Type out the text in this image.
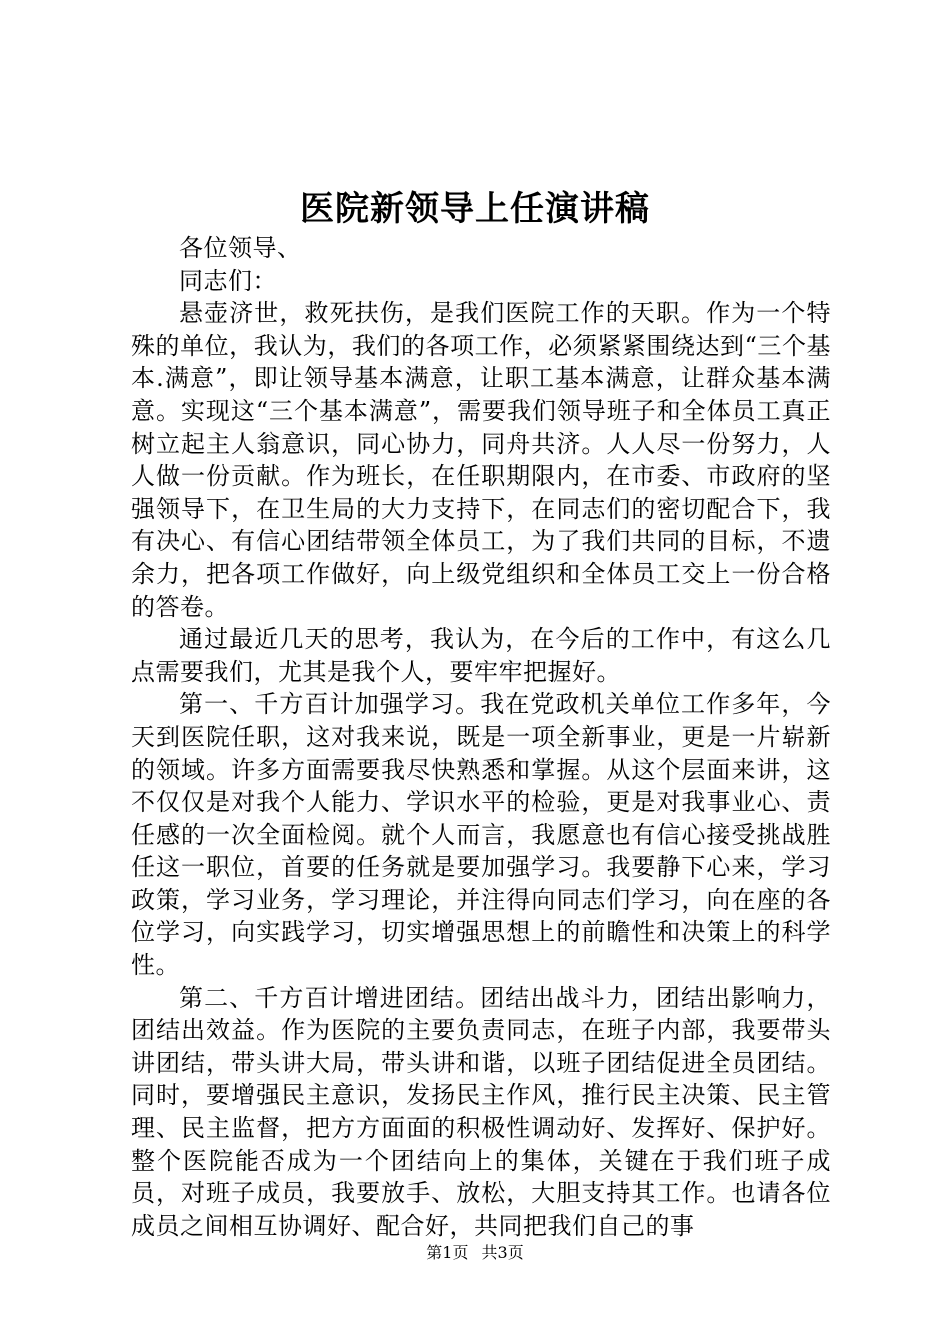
医院新领导上任演讲稿

各位领导、

同志们：

悬壶济世，救死扶伤，是我们医院工作的天职。作为一个特殊的单位，我认为，我们的各项工作，必须紧紧围绕达到“三个基本.满意”，即让领导基本满意，让职工基本满意，让群众基本满意。实现这“三个基本满意”，需要我们领导班子和全体员工真正树立起主人翁意识，同心协力，同舟共济。人人尽一份努力，人人做一份贡献。作为班长，在任职期限内，在市委、市政府的坚强领导下，在卫生局的大力支持下，在同志们的密切配合下，我有决心、有信心团结带领全体员工，为了我们共同的目标，不遗余力，把各项工作做好，向上级党组织和全体员工交上一份合格的答卷。

通过最近几天的思考，我认为，在今后的工作中，有这么几点需要我们，尤其是我个人，要牢牢把握好。

第一、千方百计加强学习。我在党政机关单位工作多年，今天到医院任职，这对我来说，既是一项全新事业，更是一片崭新的领域。许多方面需要我尽快熟悉和掌握。从这个层面来讲，这不仅仅是对我个人能力、学识水平的检验，更是对我事业心、责任感的一次全面检阅。就个人而言，我愿意也有信心接受挑战胜任这一职位，首要的任务就是要加强学习。我要静下心来，学习政策，学习业务，学习理论，并注得向同志们学习，向在座的各位学习，向实践学习，切实增强思想上的前瞻性和决策上的科学性。

第二、千方百计增进团结。团结出战斗力，团结出影响力，团结出效益。作为医院的主要负责同志，在班子内部，我要带头讲团结，带头讲大局，带头讲和谐，以班子团结促进全员团结。同时，要增强民主意识，发扬民主作风，推行民主决策、民主管理、民主监督，把方方面面的积极性调动好、发挥好、保护好。整个医院能否成为一个团结向上的集体，关键在于我们班子成员，对班子成员，我要放手、放松，大胆支持其工作。也请各位成员之间相互协调好、配合好，共同把我们自己的事

第1页 共3页
